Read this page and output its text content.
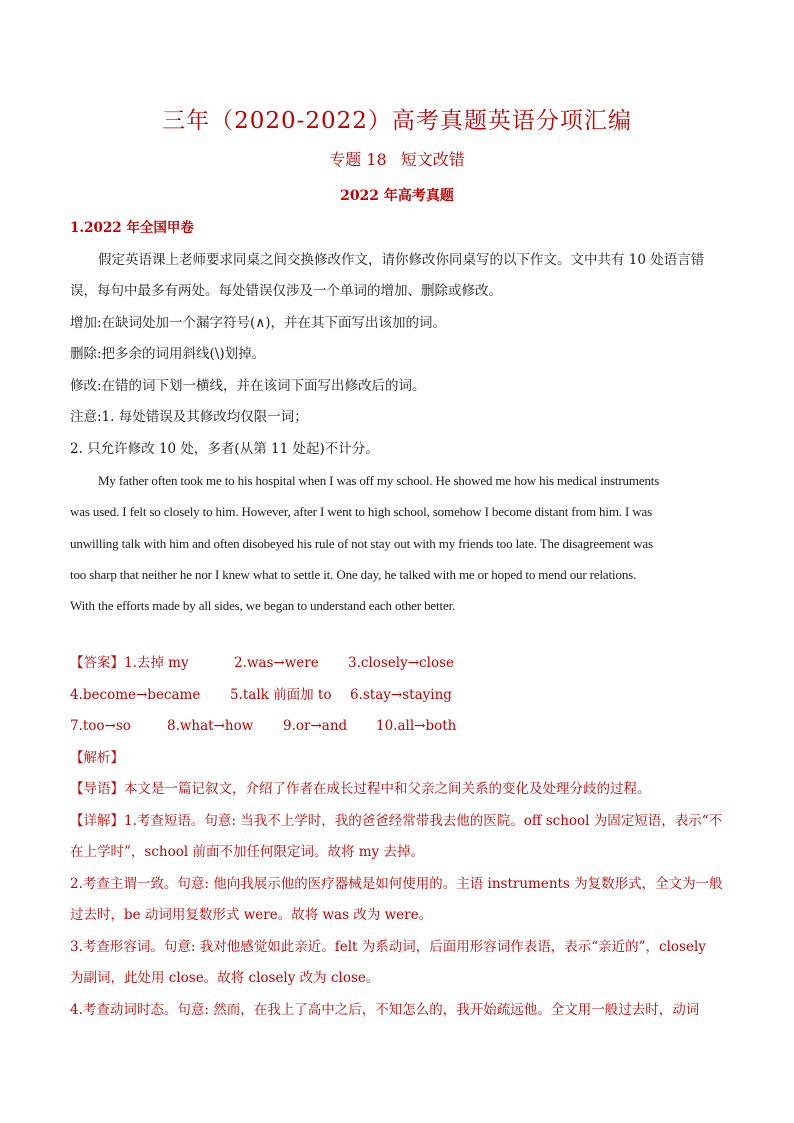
三年（2020-2022）高考真题英语分项汇编
专题 18 短文改错
2022 年高考真题
1.2022 年全国甲卷
假定英语课上老师要求同桌之间交换修改作文，请你修改你同桌写的以下作文。文中共有 10 处语言错
误，每句中最多有两处。每处错误仅涉及一个单词的增加、删除或修改。
增加:在缺词处加一个漏字符号(∧)，并在其下面写出该加的词。
删除:把多余的词用斜线(\)划掉。
修改:在错的词下划一横线，并在该词下面写出修改后的词。
注意:1. 每处错误及其修改均仅限一词；
2. 只允许修改 10 处，多者(从第 11 处起)不计分。
My father often took me to his hospital when I was off my school. He showed me how his medical instruments
was used. I felt so closely to him. However, after I went to high school, somehow I become distant from him. I was
unwilling talk with him and often disobeyed his rule of not stay out with my friends too late. The disagreement was
too sharp that neither he nor I knew what to settle it. One day, he talked with me or hoped to mend our relations.
With the efforts made by all sides, we began to understand each other better.
【答案】1.去掉 my	2.was→were 3.closely→close
4.become→became 5.talk 前面加 to 6.stay→staying
7.too→so	8.what→how 9.or→and 10.all→both
【解析】
【导语】本文是一篇记叙文，介绍了作者在成长过程中和父亲之间关系的变化及处理分歧的过程。
【详解】1.考查短语。句意: 当我不上学时，我的爸爸经常带我去他的医院。off school 为固定短语，表示“不
在上学时”，school 前面不加任何限定词。故将 my 去掉。
2.考查主谓一致。句意: 他向我展示他的医疗器械是如何使用的。主语 instruments 为复数形式，全文为一般
过去时，be 动词用复数形式 were。故将 was 改为 were。
3.考查形容词。句意: 我对他感觉如此亲近。felt 为系动词，后面用形容词作表语，表示“亲近的”，closely
为副词，此处用 close。故将 closely 改为 close。
4.考查动词时态。句意: 然而，在我上了高中之后，不知怎么的，我开始疏远他。全文用一般过去时，动词
